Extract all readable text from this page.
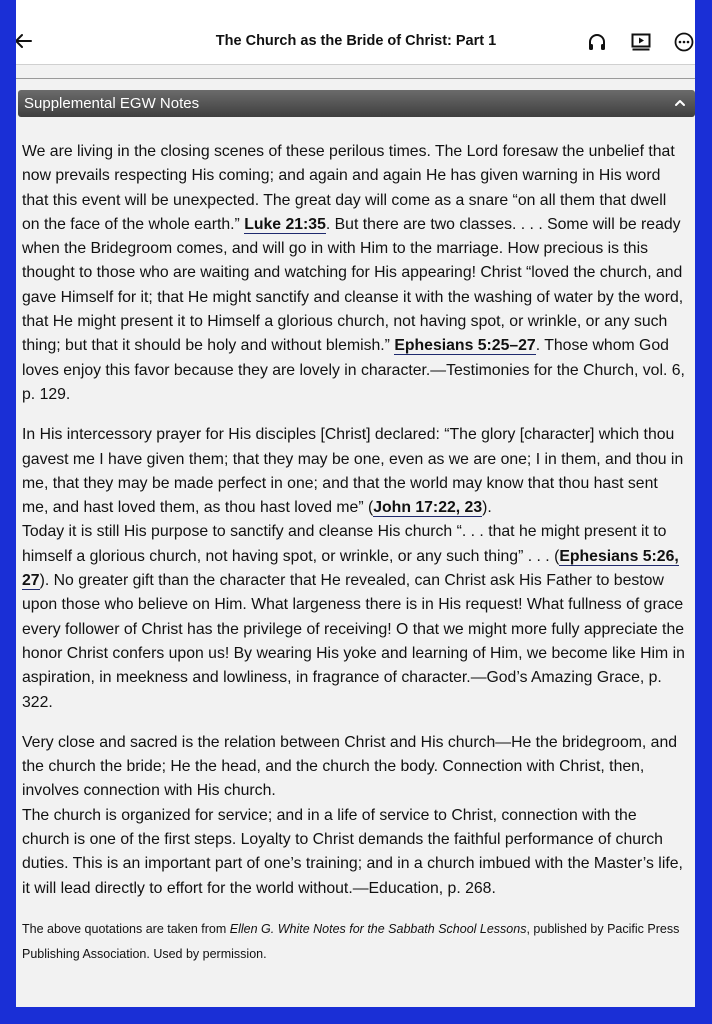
The Church as the Bride of Christ: Part 1
Supplemental EGW Notes

We are living in the closing scenes of these perilous times. The Lord foresaw the unbelief that now prevails respecting His coming; and again and again He has given warning in His word that this event will be unexpected. The great day will come as a snare “on all them that dwell on the face of the whole earth.” Luke 21:35. But there are two classes. . . . Some will be ready when the Bridegroom comes, and will go in with Him to the marriage. How precious is this thought to those who are waiting and watching for His appearing! Christ “loved the church, and gave Himself for it; that He might sanctify and cleanse it with the washing of water by the word, that He might present it to Himself a glorious church, not having spot, or wrinkle, or any such thing; but that it should be holy and without blemish.” Ephesians 5:25–27. Those whom God loves enjoy this favor because they are lovely in character.—Testimonies for the Church, vol. 6, p. 129.

In His intercessory prayer for His disciples [Christ] declared: “The glory [character] which thou gavest me I have given them; that they may be one, even as we are one; I in them, and thou in me, that they may be made perfect in one; and that the world may know that thou hast sent me, and hast loved them, as thou hast loved me” (John 17:22, 23).
Today it is still His purpose to sanctify and cleanse His church “. . . that he might present it to himself a glorious church, not having spot, or wrinkle, or any such thing” . . . (Ephesians 5:26, 27). No greater gift than the character that He revealed, can Christ ask His Father to bestow upon those who believe on Him. What largeness there is in His request! What fullness of grace every follower of Christ has the privilege of receiving! O that we might more fully appreciate the honor Christ confers upon us! By wearing His yoke and learning of Him, we become like Him in aspiration, in meekness and lowliness, in fragrance of character.—God’s Amazing Grace, p. 322.

Very close and sacred is the relation between Christ and His church—He the bridegroom, and the church the bride; He the head, and the church the body. Connection with Christ, then, involves connection with His church.
The church is organized for service; and in a life of service to Christ, connection with the church is one of the first steps. Loyalty to Christ demands the faithful performance of church duties. This is an important part of one’s training; and in a church imbued with the Master’s life, it will lead directly to effort for the world without.—Education, p. 268.

The above quotations are taken from Ellen G. White Notes for the Sabbath School Lessons, published by Pacific Press Publishing Association. Used by permission.
